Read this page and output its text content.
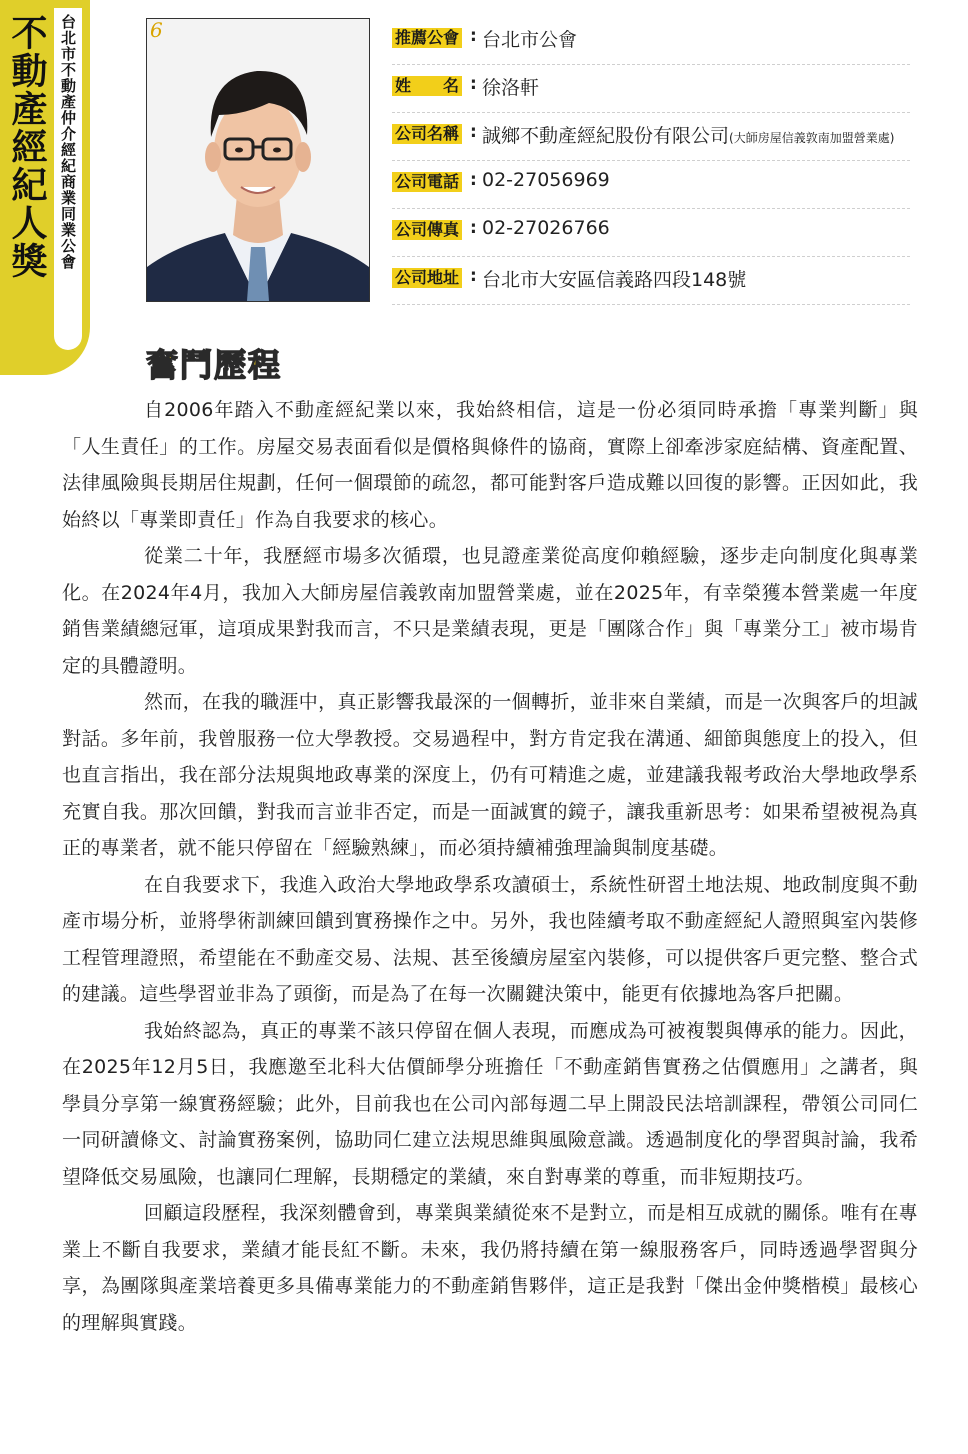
不動產經紀人獎 台北市不動產仲介經紀商業同業公會	6	推薦公會 : 台北市公會
姓　　名 : 徐洛軒
公司名稱 : 誠鄉不動產經紀股份有限公司(大師房屋信義敦南加盟營業處)
公司電話 : 02-27056969
公司傳真 : 02-27026766
公司地址 : 台北市大安區信義路四段148號
奮鬥歷程

自2006年踏入不動產經紀業以來，我始終相信，這是一份必須同時承擔「專業判斷」與「人生責任」的工作。房屋交易表面看似是價格與條件的協商，實際上卻牽涉家庭結構、資產配置、法律風險與長期居住規劃，任何一個環節的疏忽，都可能對客戶造成難以回復的影響。正因如此，我始終以「專業即責任」作為自我要求的核心。

從業二十年，我歷經市場多次循環，也見證產業從高度仰賴經驗，逐步走向制度化與專業化。在2024年4月，我加入大師房屋信義敦南加盟營業處，並在2025年，有幸榮獲本營業處一年度銷售業績總冠軍，這項成果對我而言，不只是業績表現，更是「團隊合作」與「專業分工」被市場肯定的具體證明。

然而，在我的職涯中，真正影響我最深的一個轉折，並非來自業績，而是一次與客戶的坦誠對話。多年前，我曾服務一位大學教授。交易過程中，對方肯定我在溝通、細節與態度上的投入，但也直言指出，我在部分法規與地政專業的深度上，仍有可精進之處，並建議我報考政治大學地政學系充實自我。那次回饋，對我而言並非否定，而是一面誠實的鏡子，讓我重新思考：如果希望被視為真正的專業者，就不能只停留在「經驗熟練」，而必須持續補強理論與制度基礎。

在自我要求下，我進入政治大學地政學系攻讀碩士，系統性研習土地法規、地政制度與不動產市場分析，並將學術訓練回饋到實務操作之中。另外，我也陸續考取不動產經紀人證照與室內裝修工程管理證照，希望能在不動產交易、法規、甚至後續房屋室內裝修，可以提供客戶更完整、整合式的建議。這些學習並非為了頭銜，而是為了在每一次關鍵決策中，能更有依據地為客戶把關。

我始終認為，真正的專業不該只停留在個人表現，而應成為可被複製與傳承的能力。因此，在2025年12月5日，我應邀至北科大估價師學分班擔任「不動產銷售實務之估價應用」之講者，與學員分享第一線實務經驗；此外，目前我也在公司內部每週二早上開設民法培訓課程，帶領公司同仁一同研讀條文、討論實務案例，協助同仁建立法規思維與風險意識。透過制度化的學習與討論，我希望降低交易風險，也讓同仁理解，長期穩定的業績，來自對專業的尊重，而非短期技巧。

回顧這段歷程，我深刻體會到，專業與業績從來不是對立，而是相互成就的關係。唯有在專業上不斷自我要求，業績才能長紅不斷。未來，我仍將持續在第一線服務客戶，同時透過學習與分享，為團隊與產業培養更多具備專業能力的不動產銷售夥伴，這正是我對「傑出金仲獎楷模」最核心的理解與實踐。
